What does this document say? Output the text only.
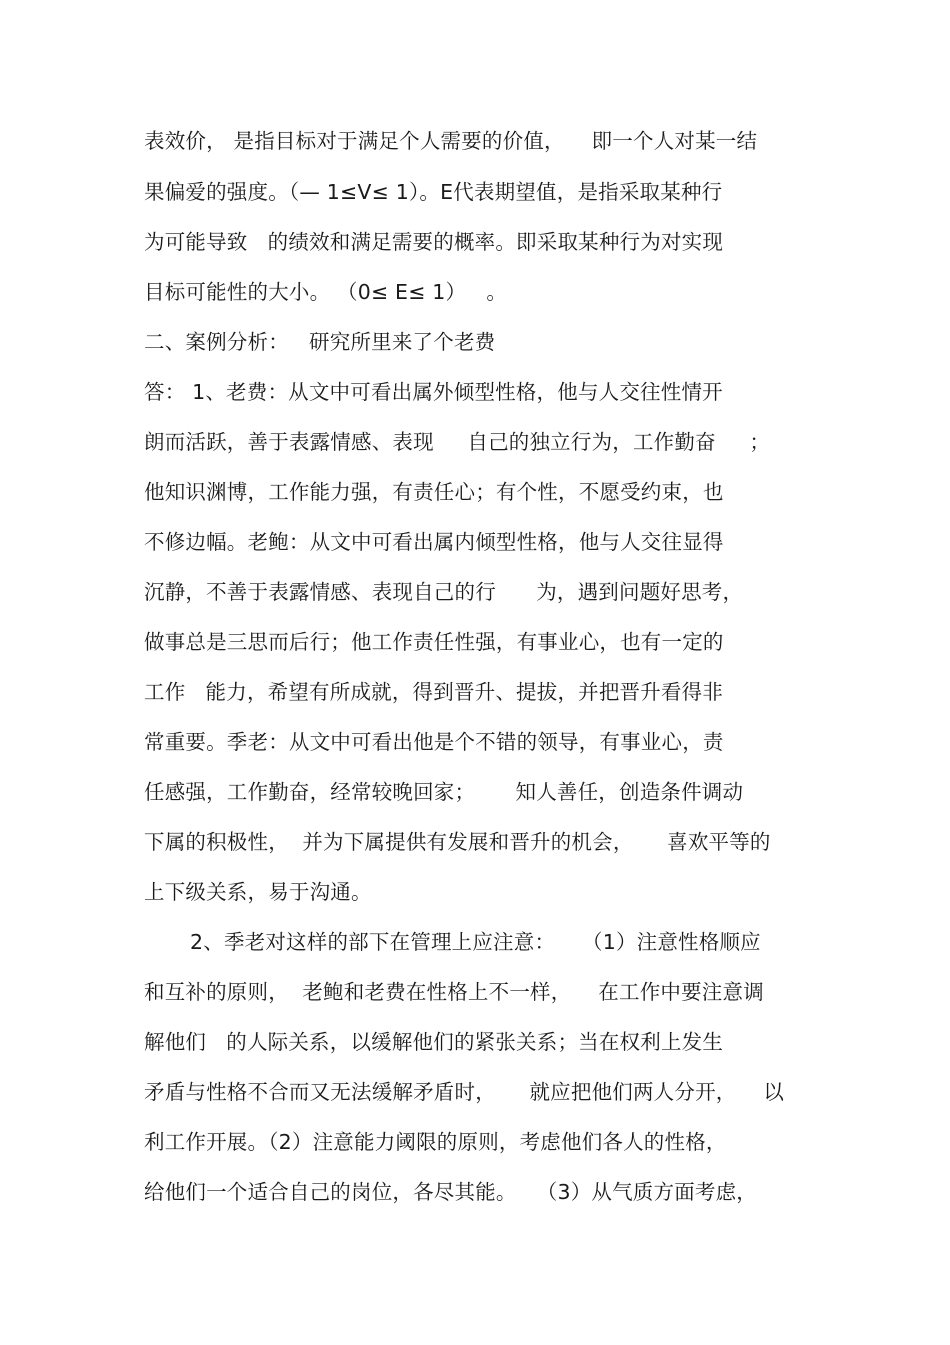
表效价， 是指目标对于满足个人需要的价值，    即一个人对某一结
果偏爱的强度。（— 1≤V≤ 1）。E代表期望值，是指采取某种行
为可能导致   的绩效和满足需要的概率。即采取某种行为对实现
目标可能性的大小。 （0≤ E≤ 1）   。
二、案例分析：   研究所里来了个老费
答： 1、老费：从文中可看出属外倾型性格，他与人交往性情开
朗而活跃，善于表露情感、表现     自己的独立行为，工作勤奋     ；
他知识渊博，工作能力强，有责任心；有个性，不愿受约束，也
不修边幅。老鲍：从文中可看出属内倾型性格，他与人交往显得
沉静，不善于表露情感、表现自己的行      为，遇到问题好思考，
做事总是三思而后行；他工作责任性强，有事业心，也有一定的
工作   能力，希望有所成就，得到晋升、提拔，并把晋升看得非
常重要。季老：从文中可看出他是个不错的领导，有事业心，责
任感强，工作勤奋，经常较晚回家；      知人善任，创造条件调动
下属的积极性，  并为下属提供有发展和晋升的机会，     喜欢平等的
上下级关系，易于沟通。
2、季老对这样的部下在管理上应注意：    （1）注意性格顺应
和互补的原则，  老鲍和老费在性格上不一样，    在工作中要注意调
解他们   的人际关系，以缓解他们的紧张关系；当在权利上发生
矛盾与性格不合而又无法缓解矛盾时，     就应把他们两人分开，    以
利工作开展。（2）注意能力阈限的原则，考虑他们各人的性格，
给他们一个适合自己的岗位，各尽其能。   （3）从气质方面考虑，
